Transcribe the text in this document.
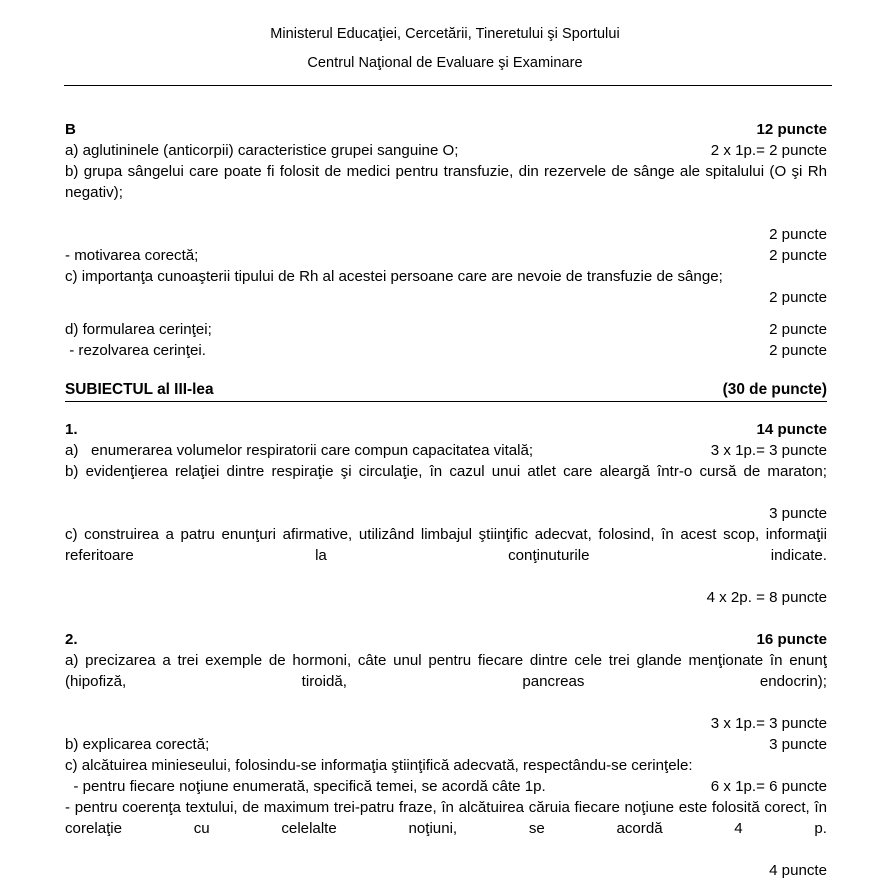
Ministerul Educaţiei, Cercetării, Tineretului şi Sportului
Centrul Naţional de Evaluare şi Examinare
B	12 puncte
a) aglutininele (anticorpii) caracteristice grupei sanguine O;	2 x 1p.= 2 puncte
b) grupa sângelui care poate fi folosit de medici pentru transfuzie, din rezervele de sânge ale spitalului (O şi Rh negativ);
2 puncte
- motivarea corectă;	2 puncte
c) importanţa cunoaşterii tipului de Rh al acestei persoane care are nevoie de transfuzie de sânge;
2 puncte
d) formularea cerinţei;	2 puncte
- rezolvarea cerinţei.	2 puncte
SUBIECTUL al III-lea	(30 de puncte)
1.	14 puncte
a)   enumerarea volumelor respiratorii care compun capacitatea vitală;	3 x 1p.= 3 puncte
b) evidenţierea relaţiei dintre respiraţie şi circulaţie, în cazul unui atlet care aleargă într-o cursă de maraton;
3 puncte
c) construirea a patru enunţuri afirmative, utilizând limbajul ştiinţific adecvat, folosind, în acest scop, informaţii referitoare la conţinuturile indicate.
4 x 2p. = 8 puncte
2.	16 puncte
a) precizarea a trei exemple de hormoni, câte unul pentru fiecare dintre cele trei glande menţionate în enunţ (hipofiză, tiroidă, pancreas endocrin);
3 x 1p.= 3 puncte
b) explicarea corectă;	3 puncte
c) alcătuirea minieseului, folosindu-se informaţia ştiinţifică adecvată, respectându-se cerinţele:
- pentru fiecare noţiune enumerată, specifică temei, se acordă câte 1p.	6 x 1p.= 6 puncte
- pentru coerenţa textului, de maximum trei-patru fraze, în alcătuirea căruia fiecare noţiune este folosită corect, în corelaţie cu celelalte noţiuni, se acordă 4 p.
4 puncte
